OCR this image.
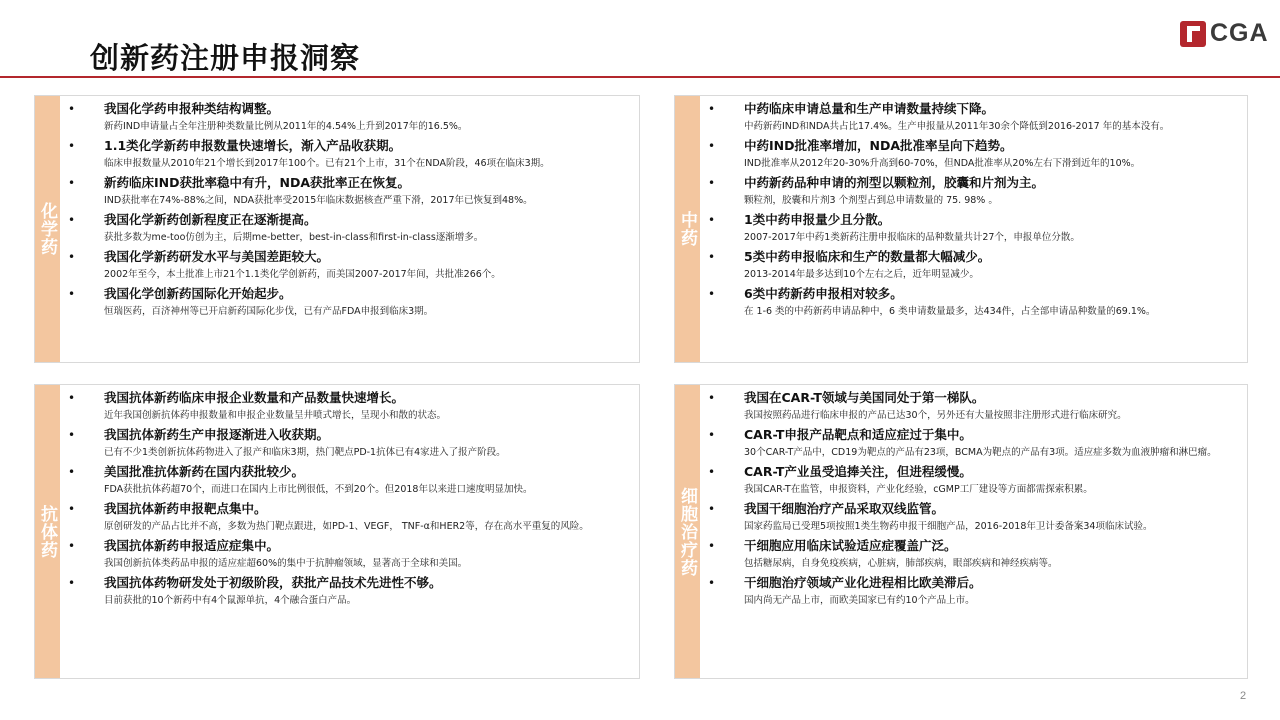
创新药注册申报洞察
CGA
化学药
• 我国化学药申报种类结构调整。
新药IND申请量占全年注册种类数量比例从2011年的4.54%上升到2017年的16.5%。
• 1.1类化学新药申报数量快速增长，渐入产品收获期。
临床申报数量从2010年21个增长到2017年100个。已有21个上市，31个在NDA阶段，46项在临床3期。
• 新药临床IND获批率稳中有升，NDA获批率正在恢复。
IND获批率在74%-88%之间，NDA获批率受2015年临床数据核查严重下滑，2017年已恢复到48%。
• 我国化学新药创新程度正在逐渐提高。
获批多数为me-too仿创为主，后期me-better，best-in-class和first-in-class逐渐增多。
• 我国化学新药研发水平与美国差距较大。
2002年至今，本土批准上市21个1.1类化学创新药，而美国2007-2017年间，共批准266个。
• 我国化学创新药国际化开始起步。
恒瑞医药，百济神州等已开启新药国际化步伐，已有产品FDA申报到临床3期。
中药
• 中药临床申请总量和生产申请数量持续下降。
中药新药IND和NDA共占比17.4%。生产申报量从2011年30余个降低到2016-2017 年的基本没有。
• 中药IND批准率增加，NDA批准率呈向下趋势。
IND批准率从2012年20-30%升高到60-70%，但NDA批准率从20%左右下滑到近年的10%。
• 中药新药品种申请的剂型以颗粒剂，胶囊和片剂为主。
颗粒剂，胶囊和片剂3 个剂型占到总申请数量的 75. 98% 。
• 1类中药申报量少且分散。
2007-2017年中药1类新药注册申报临床的品种数量共计27个，申报单位分散。
• 5类中药申报临床和生产的数量都大幅减少。
2013-2014年最多达到10个左右之后，近年明显减少。
• 6类中药新药申报相对较多。
在 1-6 类的中药新药申请品种中，6 类申请数量最多，达434件，占全部申请品种数量的69.1%。
抗体药
• 我国抗体新药临床申报企业数量和产品数量快速增长。
近年我国创新抗体药申报数量和申报企业数量呈井喷式增长，呈现小和散的状态。
• 我国抗体新药生产申报逐渐进入收获期。
已有不少1类创新抗体药物进入了报产和临床3期，热门靶点PD-1抗体已有4家进入了报产阶段。
• 美国批准抗体新药在国内获批较少。
FDA获批抗体药超70个，而进口在国内上市比例很低，不到20个。但2018年以来进口速度明显加快。
• 我国抗体新药申报靶点集中。
原创研发的产品占比并不高，多数为热门靶点跟进，如PD-1、VEGF， TNF-α和HER2等，存在高水平重复的风险。
• 我国抗体新药申报适应症集中。
我国创新抗体类药品申报的适应症超60%的集中于抗肿瘤领域，显著高于全球和美国。
• 我国抗体药物研发处于初级阶段，获批产品技术先进性不够。
目前获批的10个新药中有4个鼠源单抗，4个融合蛋白产品。
细胞治疗药
• 我国在CAR-T领域与美国同处于第一梯队。
我国按照药品进行临床申报的产品已达30个，另外还有大量按照非注册形式进行临床研究。
• CAR-T申报产品靶点和适应症过于集中。
30个CAR-T产品中，CD19为靶点的产品有23项，BCMA为靶点的产品有3项。适应症多数为血液肿瘤和淋巴瘤。
• CAR-T产业虽受追捧关注，但进程缓慢。
我国CAR-T在监管，申报资料，产业化经验，cGMP工厂建设等方面都需探索积累。
• 我国干细胞治疗产品采取双线监管。
国家药监局已受理5项按照1类生物药申报干细胞产品，2016-2018年卫计委备案34项临床试验。
• 干细胞应用临床试验适应症覆盖广泛。
包括糖尿病，自身免疫疾病，心脏病，肺部疾病，眼部疾病和神经疾病等。
• 干细胞治疗领域产业化进程相比欧美滞后。
国内尚无产品上市，而欧美国家已有约10个产品上市。
2
